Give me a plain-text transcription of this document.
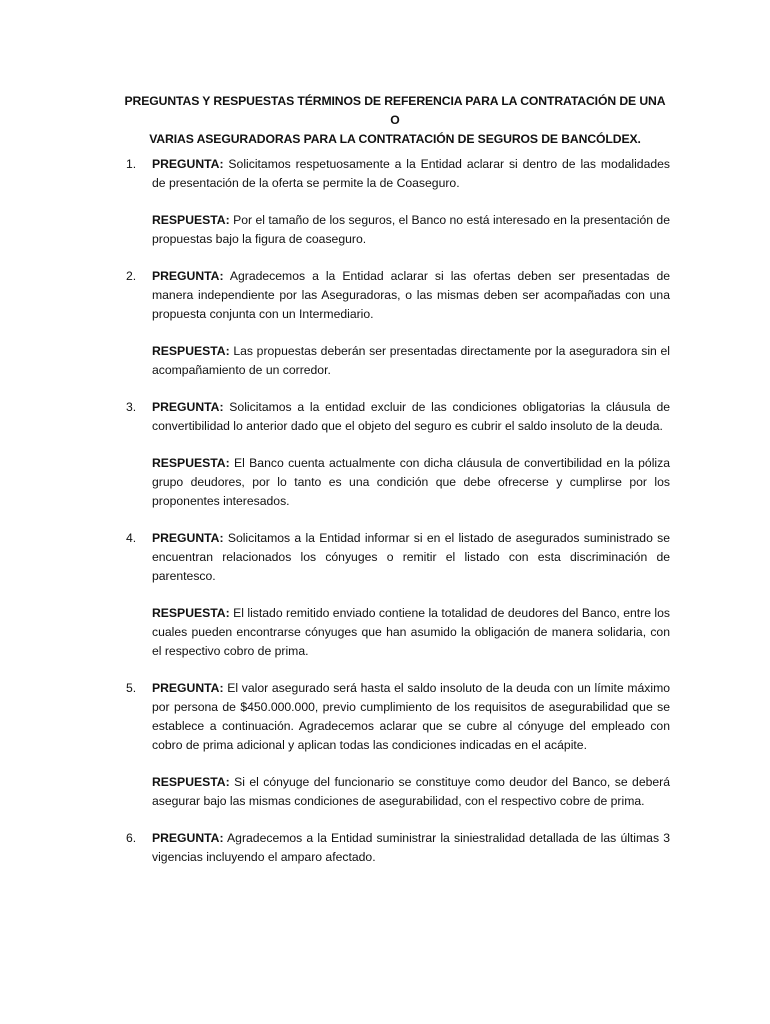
PREGUNTAS Y RESPUESTAS TÉRMINOS DE REFERENCIA PARA LA CONTRATACIÓN DE UNA O
VARIAS ASEGURADORAS PARA LA CONTRATACIÓN DE SEGUROS DE BANCÓLDEX.
1. PREGUNTA: Solicitamos respetuosamente a la Entidad aclarar si dentro de las modalidades de presentación de la oferta se permite la de Coaseguro.

RESPUESTA: Por el tamaño de los seguros, el Banco no está interesado en la presentación de propuestas bajo la figura de coaseguro.

2. PREGUNTA: Agradecemos a la Entidad aclarar si las ofertas deben ser presentadas de manera independiente por las Aseguradoras, o las mismas deben ser acompañadas con una propuesta conjunta con un Intermediario.

RESPUESTA: Las propuestas deberán ser presentadas directamente por la aseguradora sin el acompañamiento de un corredor.

3. PREGUNTA: Solicitamos a la entidad excluir de las condiciones obligatorias la cláusula de convertibilidad lo anterior dado que el objeto del seguro es cubrir el saldo insoluto de la deuda.

RESPUESTA: El Banco cuenta actualmente con dicha cláusula de convertibilidad en la póliza grupo deudores, por lo tanto es una condición que debe ofrecerse y cumplirse por los proponentes interesados.

4. PREGUNTA: Solicitamos a la Entidad informar si en el listado de asegurados suministrado se encuentran relacionados los cónyuges o remitir el listado con esta discriminación de parentesco.

RESPUESTA: El listado remitido enviado contiene la totalidad de deudores del Banco, entre los cuales pueden encontrarse cónyuges que han asumido la obligación de manera solidaria, con el respectivo cobro de prima.

5. PREGUNTA: El valor asegurado será hasta el saldo insoluto de la deuda con un límite máximo por persona de $450.000.000, previo cumplimiento de los requisitos de asegurabilidad que se establece a continuación. Agradecemos aclarar que se cubre al cónyuge del empleado con cobro de prima adicional y aplican todas las condiciones indicadas en el acápite.

RESPUESTA: Si el cónyuge del funcionario se constituye como deudor del Banco, se deberá asegurar bajo las mismas condiciones de asegurabilidad, con el respectivo cobre de prima.

6. PREGUNTA: Agradecemos a la Entidad suministrar la siniestralidad detallada de las últimas 3 vigencias incluyendo el amparo afectado.
